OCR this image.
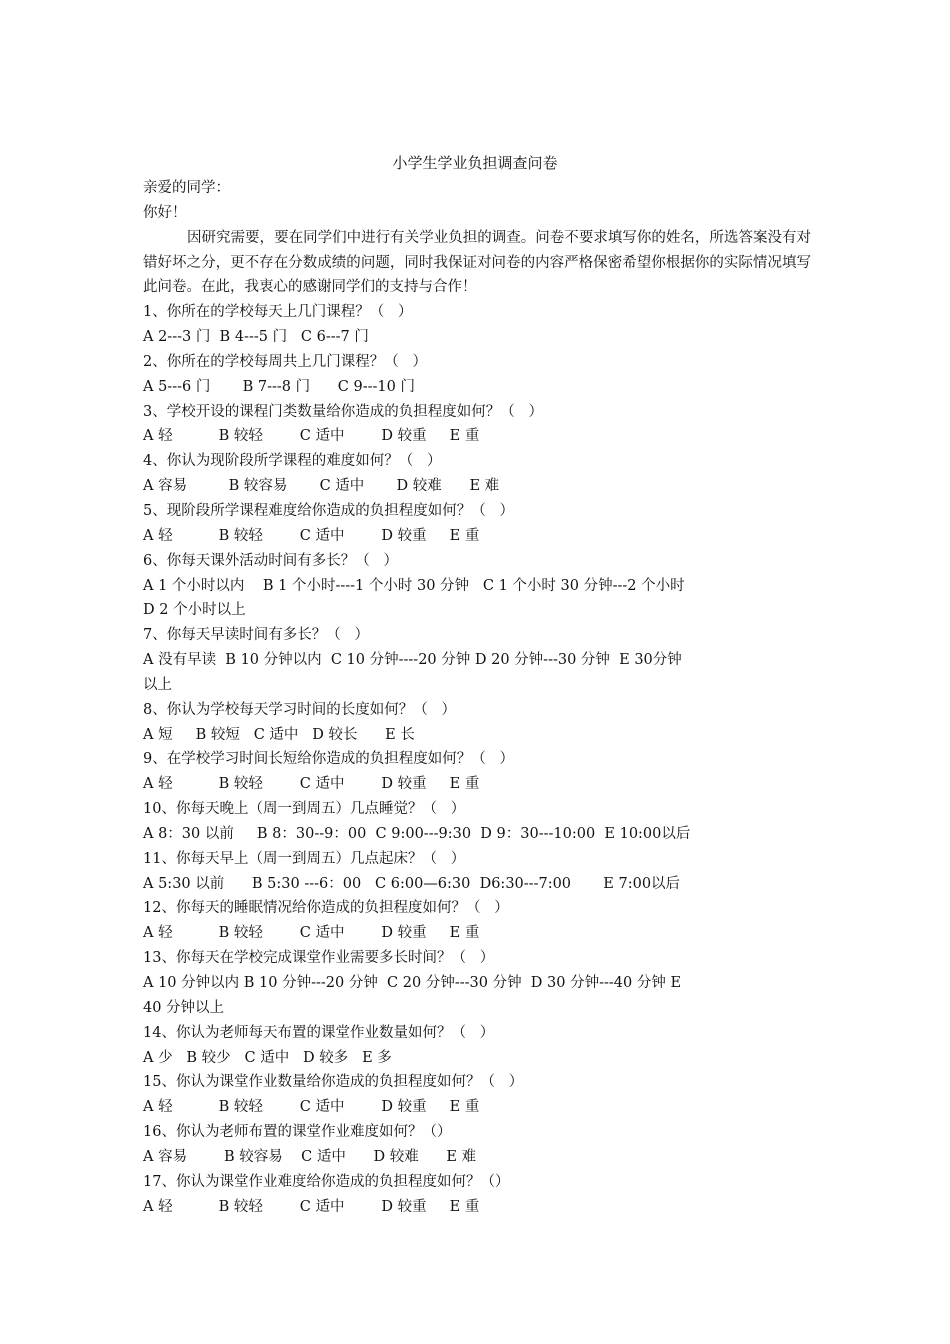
小学生学业负担调查问卷
亲爱的同学：
你好！
因研究需要，要在同学们中进行有关学业负担的调查。问卷不要求填写你的姓名，所选答案没有对错好坏之分，更不存在分数成绩的问题，同时我保证对问卷的内容严格保密希望你根据你的实际情况填写此问卷。在此，我衷心的感谢同学们的支持与合作！
1、你所在的学校每天上几门课程？（   ）
A 2---3 门  B 4---5 门   C 6---7 门
2、你所在的学校每周共上几门课程？（   ）
A 5---6 门       B 7---8 门      C 9---10 门
3、学校开设的课程门类数量给你造成的负担程度如何？（   ）
A 轻          B 较轻        C 适中        D 较重     E 重
4、你认为现阶段所学课程的难度如何？（   ）
A 容易         B 较容易       C 适中       D 较难      E 难
5、现阶段所学课程难度给你造成的负担程度如何？（   ）
A 轻          B 较轻        C 适中        D 较重     E 重
6、你每天课外活动时间有多长？（   ）
A 1 个小时以内    B 1 个小时----1 个小时 30 分钟   C 1 个小时 30 分钟---2 个小时
D 2 个小时以上
7、你每天早读时间有多长？（   ）
A 没有早读  B 10 分钟以内  C 10 分钟----20 分钟 D 20 分钟---30 分钟  E 30分钟
以上
8、你认为学校每天学习时间的长度如何？（   ）
A 短     B 较短   C 适中   D 较长      E 长
9、在学校学习时间长短给你造成的负担程度如何？（   ）
A 轻          B 较轻        C 适中        D 较重     E 重
10、你每天晚上（周一到周五）几点睡觉？（   ）
A 8：30 以前     B 8：30--9：00  C 9:00---9:30  D 9：30---10:00  E 10:00以后
11、你每天早上（周一到周五）几点起床？（   ）
A 5:30 以前      B 5:30 ---6：00   C 6:00—6:30  D6:30---7:00       E 7:00以后
12、你每天的睡眠情况给你造成的负担程度如何？（   ）
A 轻          B 较轻        C 适中        D 较重     E 重
13、你每天在学校完成课堂作业需要多长时间？（   ）
A 10 分钟以内 B 10 分钟---20 分钟  C 20 分钟---30 分钟  D 30 分钟---40 分钟 E
40 分钟以上
14、你认为老师每天布置的课堂作业数量如何？（   ）
A 少   B 较少   C 适中   D 较多   E 多
15、你认为课堂作业数量给你造成的负担程度如何？（   ）
A 轻          B 较轻        C 适中        D 较重     E 重
16、你认为老师布置的课堂作业难度如何？（）
A 容易        B 较容易    C 适中      D 较难      E 难
17、你认为课堂作业难度给你造成的负担程度如何？（）
A 轻          B 较轻        C 适中        D 较重     E 重
